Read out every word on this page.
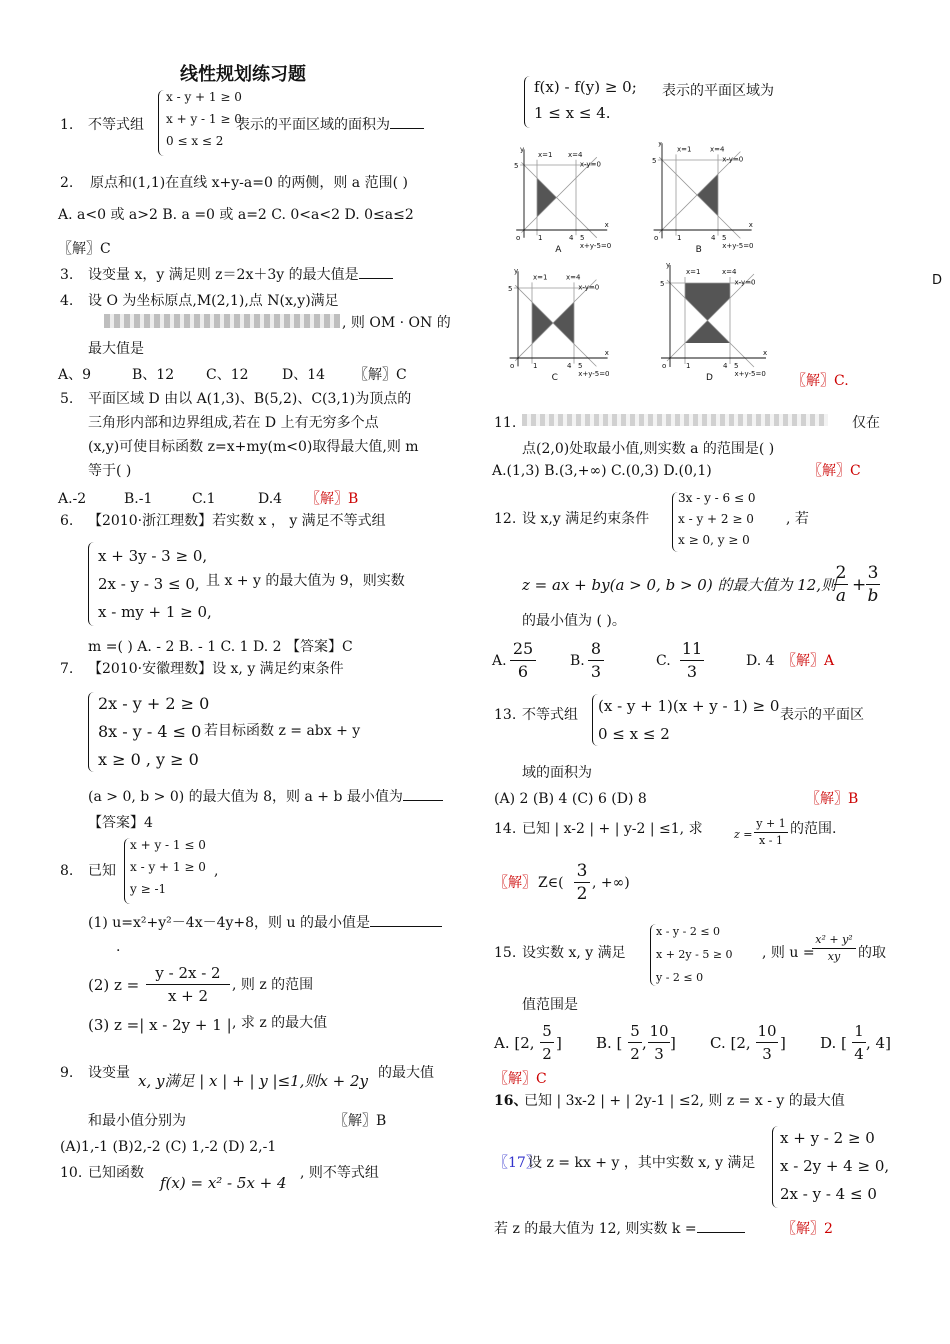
线性规划练习题
1. 不等式组
x - y + 1 ≥ 0
x + y - 1 ≥ 0
0 ≤ x ≤ 2
表示的平面区域的面积为
2. 原点和(1,1)在直线 x+y-a=0 的两侧，则 a 范围( )
A. a<0 或 a>2 B. a =0 或 a=2 C. 0<a<2 D. 0≤a≤2
〖解〗C
3. 设变量 x，y 满足则 z＝2x＋3y 的最大值是
4. 设 O 为坐标原点,M(2,1),点 N(x,y)满足
, 则 OM · ON 的
最大值是
A、9	B、12 C、12 D、14 〖解〗C
5. 平面区域 D 由以 A(1,3)、B(5,2)、C(3,1)为顶点的
三角形内部和边界组成,若在 D 上有无穷多个点
(x,y)可使目标函数 z=x+my(m<0)取得最大值,则 m
等于( )
A.-2	B.-1	C.1	D.4 〖解〗B
6. 【2010·浙江理数】若实数 x ， y 满足不等式组
x + 3y - 3 ≥ 0,
2x - y - 3 ≤ 0,
x - my + 1 ≥ 0,
且 x + y 的最大值为 9，则实数
m =( ) A. - 2 B. - 1 C. 1 D. 2 【答案】C
7. 【2010·安徽理数】设 x, y 满足约束条件
2x - y + 2 ≥ 0
8x - y - 4 ≤ 0
x ≥ 0 , y ≥ 0
若目标函数 z = abx + y
(a > 0, b > 0) 的最大值为 8，则 a + b 最小值为
【答案】4
8. 已知
x + y - 1 ≤ 0
x - y + 1 ≥ 0
y ≥ -1
,
(1) u=x²+y²－4x－4y+8，则 u 的最小值是
.
(2) $z = \frac{y - 2x - 2}{x + 2}$ , 则 z 的范围
(3) z =| x - 2y + 1 | , 求 z 的最大值
9. 设变量 x, y满足 | x | + | y |≤1,则x + 2y 的最大值
和最小值分别为	〖解〗B
(A)1,-1 (B)2,-2 (C) 1,-2 (D) 2,-1
10. 已知函数
f(x) = x² - 5x + 4
, 则不等式组
f(x) - f(y) ≥ 0;
1 ≤ x ≤ 4.
表示的平面区域为
D
y
x
5
o	1	4 5
x=1 x=4
x-y=0
x+y-5=0
A
y
x
5
o	1	4 5
x=1	x=4
x-y=0
x+y-5=0
B
y
x
5
o	1	4 5
x=1	x=4
x-y=0
x+y-5=0
C
y
x
5
o	1	4 5
x=1	x=4
x-y=0
x+y-5=0
D	〖解〗C.
11.	仅在
点(2,0)处取最小值,则实数 a 的范围是( )
A.(1,3) B.(3,+∞) C.(0,3) D.(0,1)	〖解〗C
12. 设 x,y 满足约束条件
3x - y - 6 ≤ 0
x - y + 2 ≥ 0
x ≥ 0, y ≥ 0
, 若
z = ax + by(a > 0, b > 0) 的最大值为 12,则
$\frac{2}{a} + \frac{3}{b}$
的最小值为 ( )。
A. $\frac{25}{6} B$. $\frac{8}{3}$	C. $\frac{11}{3}$	D. 4 〖解〗A
13. 不等式组 (x - y + 1)(x + y - 1) ≥ 0
0 ≤ x ≤ 2
表示的平面区
域的面积为
(A) 2 (B) 4 (C) 6 (D) 8	〖解〗B
14. 已知 | x-2 | + | y-2 | ≤1, 求	$z = \frac{y + 1}{x - 1}$ 的范围.
〖解〗 Z∈( $\frac{3}{2}$ , +∞)
15. 设实数 x, y 满足
x - y - 2 ≤ 0
x + 2y - 5 ≥ 0
y - 2 ≤ 0
, 则 u =
$\frac{\text{x² + y²}}{xy}$ 的取
值范围是
A. [2, $\frac{5}{2}$ ] B. [ $\frac{5}{2}$ , $\frac{10}{3}$ ] C. [2, $\frac{10}{3}$ ] D. [ $\frac{1}{4}$ , 4]
〖解〗C
16、
已知 | 3x-2 | + | 2y-1 | ≤2, 则 z = x - y 的最大值
〖17〗
设 z = kx + y ，其中实数 x, y 满足
x + y - 2 ≥ 0
x - 2y + 4 ≥ 0,
2x - y - 4 ≤ 0
若 z 的最大值为 12, 则实数 k =	〖解〗2
